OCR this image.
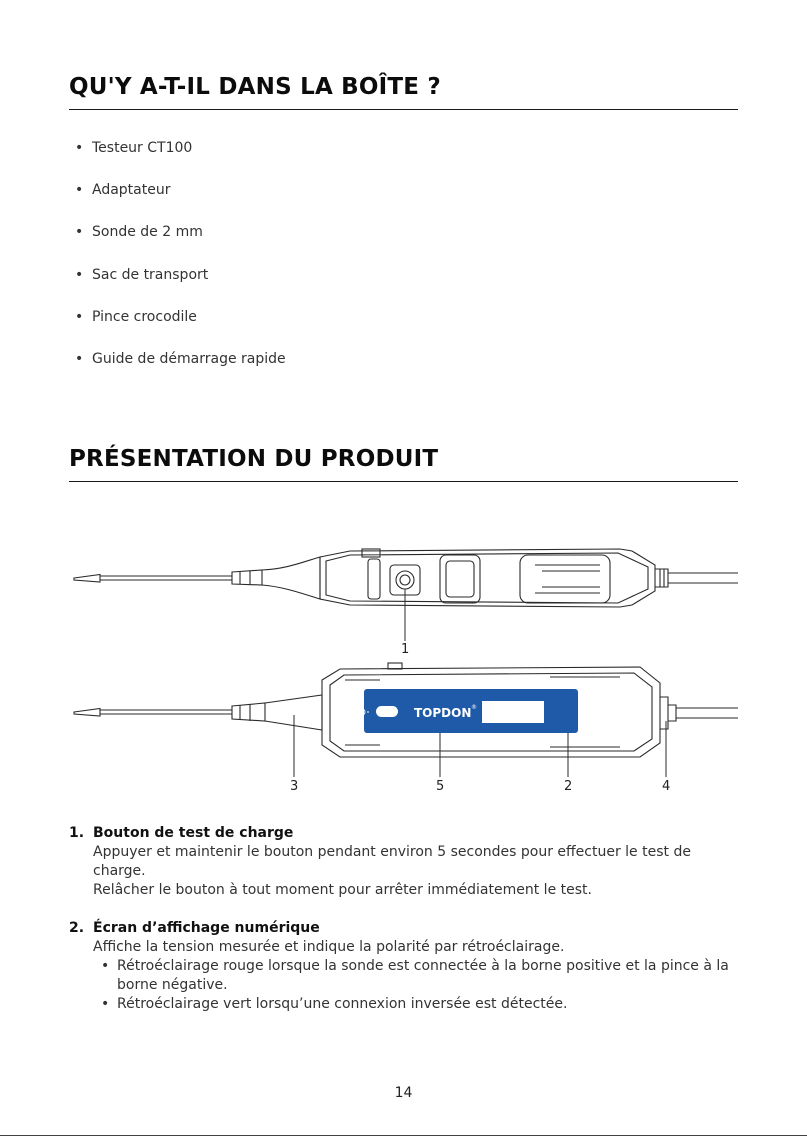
QU'Y A-T-IL DANS LA BOÎTE ?
• Testeur CT100
• Adaptateur
• Sonde de 2 mm
• Sac de transport
• Pince crocodile
• Guide de démarrage rapide
PRÉSENTATION DU PRODUIT
TOPDON ®
1
3	5	2	4
1. Bouton de test de charge
Appuyer et maintenir le bouton pendant environ 5 secondes pour effectuer le test de charge.
Relâcher le bouton à tout moment pour arrêter immédiatement le test.
2. Écran d’affichage numérique
Affiche la tension mesurée et indique la polarité par rétroéclairage.
• Rétroéclairage rouge lorsque la sonde est connectée à la borne positive et la pince à la borne négative.
• Rétroéclairage vert lorsqu’une connexion inversée est détectée.
14
